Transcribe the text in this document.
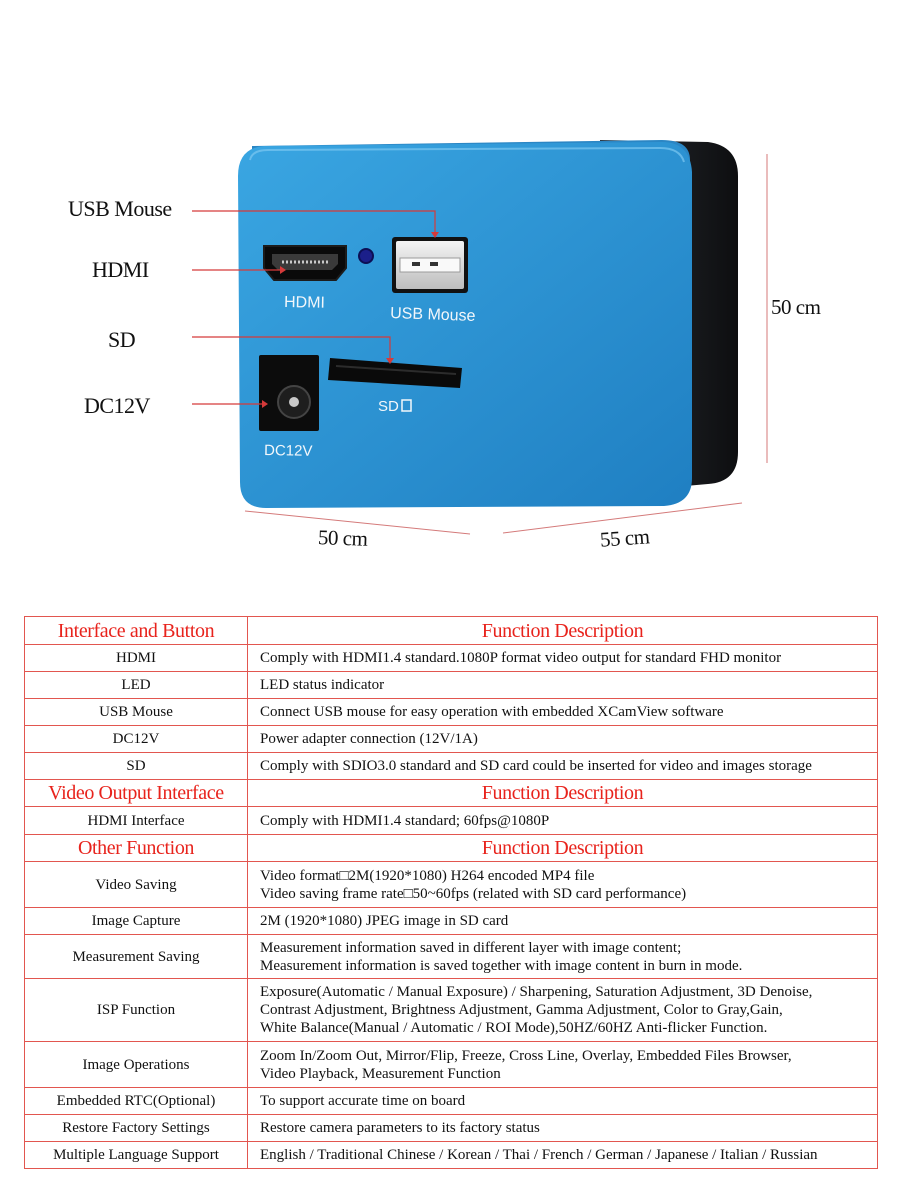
HDMI
USB Mouse
SD
DC12V
USB Mouse
HDMI
SD
DC12V
50 cm
50 cm	55 cm
Interface and Button	Function Description
HDMI	Comply with HDMI1.4 standard.1080P format video output for standard FHD monitor
LED	LED status indicator
USB Mouse	Connect USB mouse for easy operation with embedded XCamView software
DC12V	Power adapter connection (12V/1A)
SD	Comply with SDIO3.0 standard and SD card could be inserted for video and images storage
Video Output Interface	Function Description
HDMI Interface	Comply with HDMI1.4 standard; 60fps@1080P
Other Function	Function Description
Video Saving	Video format□2M(1920*1080) H264 encoded MP4 file
Video saving frame rate□50~60fps (related with SD card performance)

Image Capture	2M (1920*1080) JPEG image in SD card
Measurement Saving	Measurement information saved in different layer with image content;
Measurement information is saved together with image content in burn in mode.

ISP Function	Exposure(Automatic / Manual Exposure) / Sharpening, Saturation Adjustment, 3D Denoise,
Contrast Adjustment, Brightness Adjustment, Gamma Adjustment, Color to Gray,Gain,
White Balance(Manual / Automatic / ROI Mode),50HZ/60HZ Anti-flicker Function.

Image Operations	Zoom In/Zoom Out, Mirror/Flip, Freeze, Cross Line, Overlay, Embedded Files Browser,
Video Playback, Measurement Function

Embedded RTC(Optional)	To support accurate time on board
Restore Factory Settings	Restore camera parameters to its factory status
Multiple Language Support	English / Traditional Chinese / Korean / Thai / French / German / Japanese / Italian / Russian
